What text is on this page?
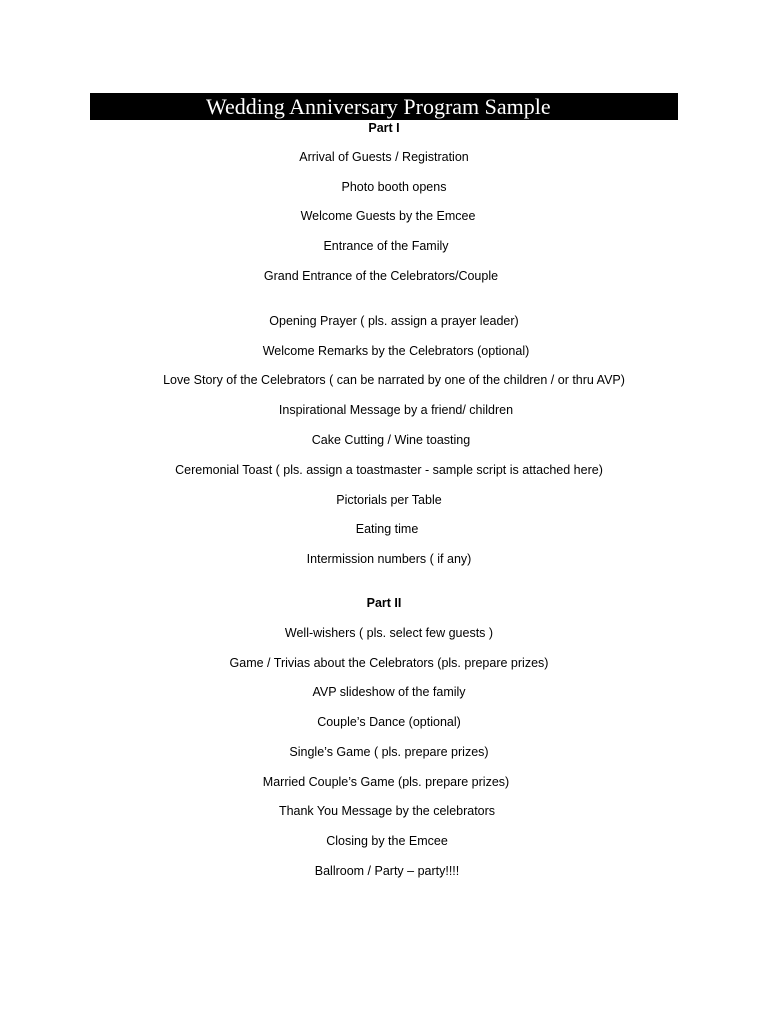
Wedding Anniversary Program Sample
Part I
Arrival of Guests / Registration
Photo booth opens
Welcome Guests by the Emcee
Entrance of the Family
Grand Entrance of the Celebrators/Couple
Opening Prayer ( pls. assign a prayer leader)
Welcome Remarks by the Celebrators (optional)
Love Story of the Celebrators ( can be narrated by one of the children / or thru AVP)
Inspirational Message by a friend/ children
Cake Cutting / Wine toasting
Ceremonial Toast ( pls. assign a toastmaster - sample script is attached here)
Pictorials per Table
Eating time
Intermission numbers ( if any)
Part II
Well-wishers ( pls. select few guests )
Game / Trivias about the Celebrators (pls. prepare prizes)
AVP slideshow of the family
Couple’s Dance (optional)
Single’s Game ( pls. prepare prizes)
Married Couple’s Game (pls. prepare prizes)
Thank You Message by the celebrators
Closing by the Emcee
Ballroom / Party – party!!!!
